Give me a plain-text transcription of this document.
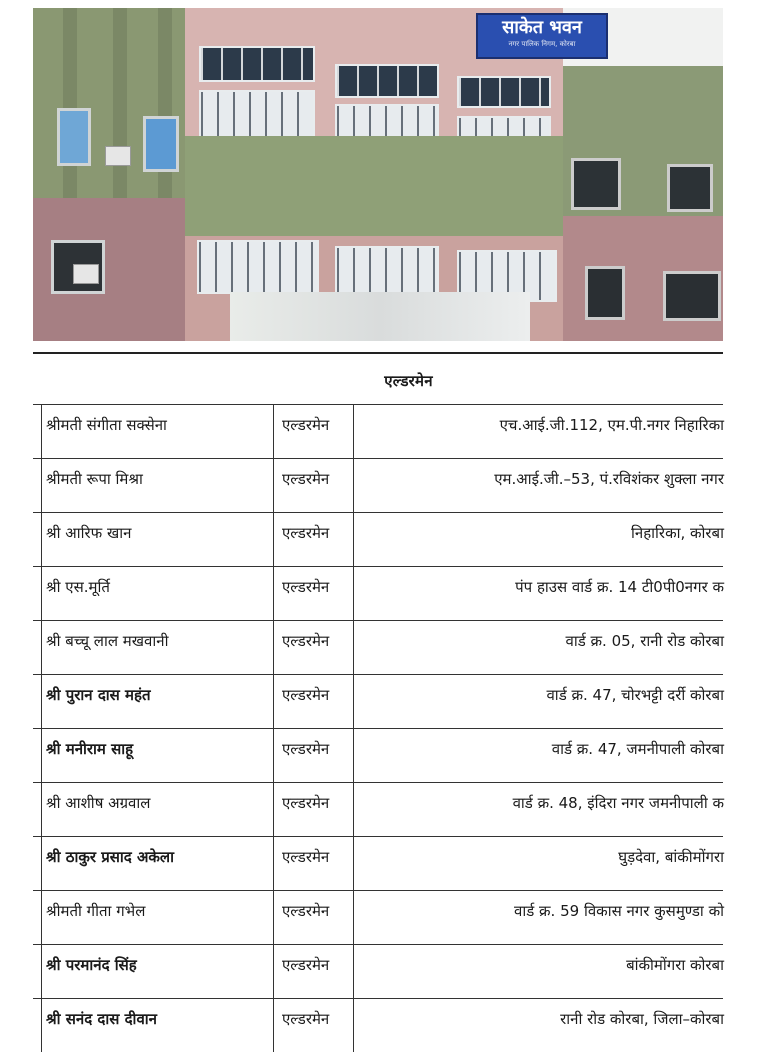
साकेत भवन
नगर पालिक निगम, कोरबा
एल्डरमेन
श्रीमती संगीता सक्सेना	एल्डरमेन	एच.आई.जी.112, एम.पी.नगर निहारिका
श्रीमती रूपा मिश्रा	एल्डरमेन	एम.आई.जी.–53, पं.रविशंकर शुक्ला नगर
श्री आरिफ खान	एल्डरमेन	निहारिका, कोरबा
श्री एस.मूर्ति	एल्डरमेन	पंप हाउस वार्ड क्र. 14 टी0पी0नगर क
श्री बच्चू लाल मखवानी	एल्डरमेन	वार्ड क्र. 05, रानी रोड कोरबा
श्री पुरान दास महंत	एल्डरमेन	वार्ड क्र. 47, चोरभट्टी दर्री कोरबा
श्री मनीराम साहू	एल्डरमेन	वार्ड क्र. 47, जमनीपाली कोरबा
श्री आशीष अग्रवाल	एल्डरमेन	वार्ड क्र. 48, इंदिरा नगर जमनीपाली क
श्री ठाकुर प्रसाद अकेला	एल्डरमेन	घुड़देवा, बांकीमोंगरा
श्रीमती गीता गभेल	एल्डरमेन	वार्ड क्र. 59 विकास नगर कुसमुण्डा को
श्री परमानंद सिंह	एल्डरमेन	बांकीमोंगरा कोरबा
श्री सनंद दास दीवान	एल्डरमेन	रानी रोड कोरबा, जिला–कोरबा
